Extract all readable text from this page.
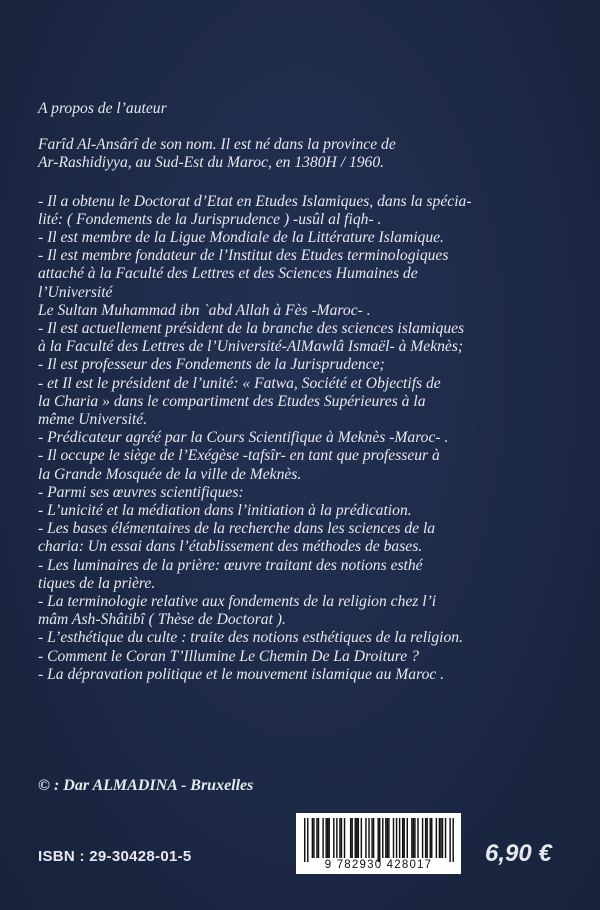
A propos de l’auteur

Farîd Al-Ansârî de son nom. Il est né dans la province de
Ar-Rashidiyya, au Sud-Est du Maroc, en 1380H / 1960.
- Il a obtenu le Doctorat d’Etat en Etudes Islamiques, dans la spécia-
lité: ( Fondements de la Jurisprudence ) -usûl al fiqh- .
- Il est membre de la Ligue Mondiale de la Littérature Islamique.
- Il est membre fondateur de l’Institut des Etudes terminologiques
attaché à la Faculté des Lettres et des Sciences Humaines de
l’Université
Le Sultan Muhammad ibn `abd Allah à Fès -Maroc- .
- Il est actuellement président de la branche des sciences islamiques
à la Faculté des Lettres de l’Université-AlMawlâ Ismaël- à Meknès;
- Il est professeur des Fondements de la Jurisprudence;
- et Il est le président de l’unité: « Fatwa, Société et Objectifs de
la Charia » dans le compartiment des Etudes Supérieures à la
même Université.
- Prédicateur agréé par la Cours Scientifique à Meknès -Maroc- .
- Il occupe le siège de l’Exégèse -tafsîr- en tant que professeur à
la Grande Mosquée de la ville de Meknès.
- Parmi ses œuvres scientifiques:
- L’unicité et la médiation dans l’initiation à la prédication.
- Les bases élémentaires de la recherche dans les sciences de la
charia: Un essai dans l’établissement des méthodes de bases.
- Les luminaires de la prière: œuvre traitant des notions esthé
tiques de la prière.
- La terminologie relative aux fondements de la religion chez l’i
mâm Ash-Shâtibî ( Thèse de Doctorat ).
- L’esthétique du culte : traite des notions esthétiques de la religion.
- Comment le Coran T’Illumine Le Chemin De La Droiture ?
- La dépravation politique et le mouvement islamique au Maroc .
© : Dar ALMADINA - Bruxelles
ISBN : 29-30428-01-5	9 782930 428017	6,90 €
